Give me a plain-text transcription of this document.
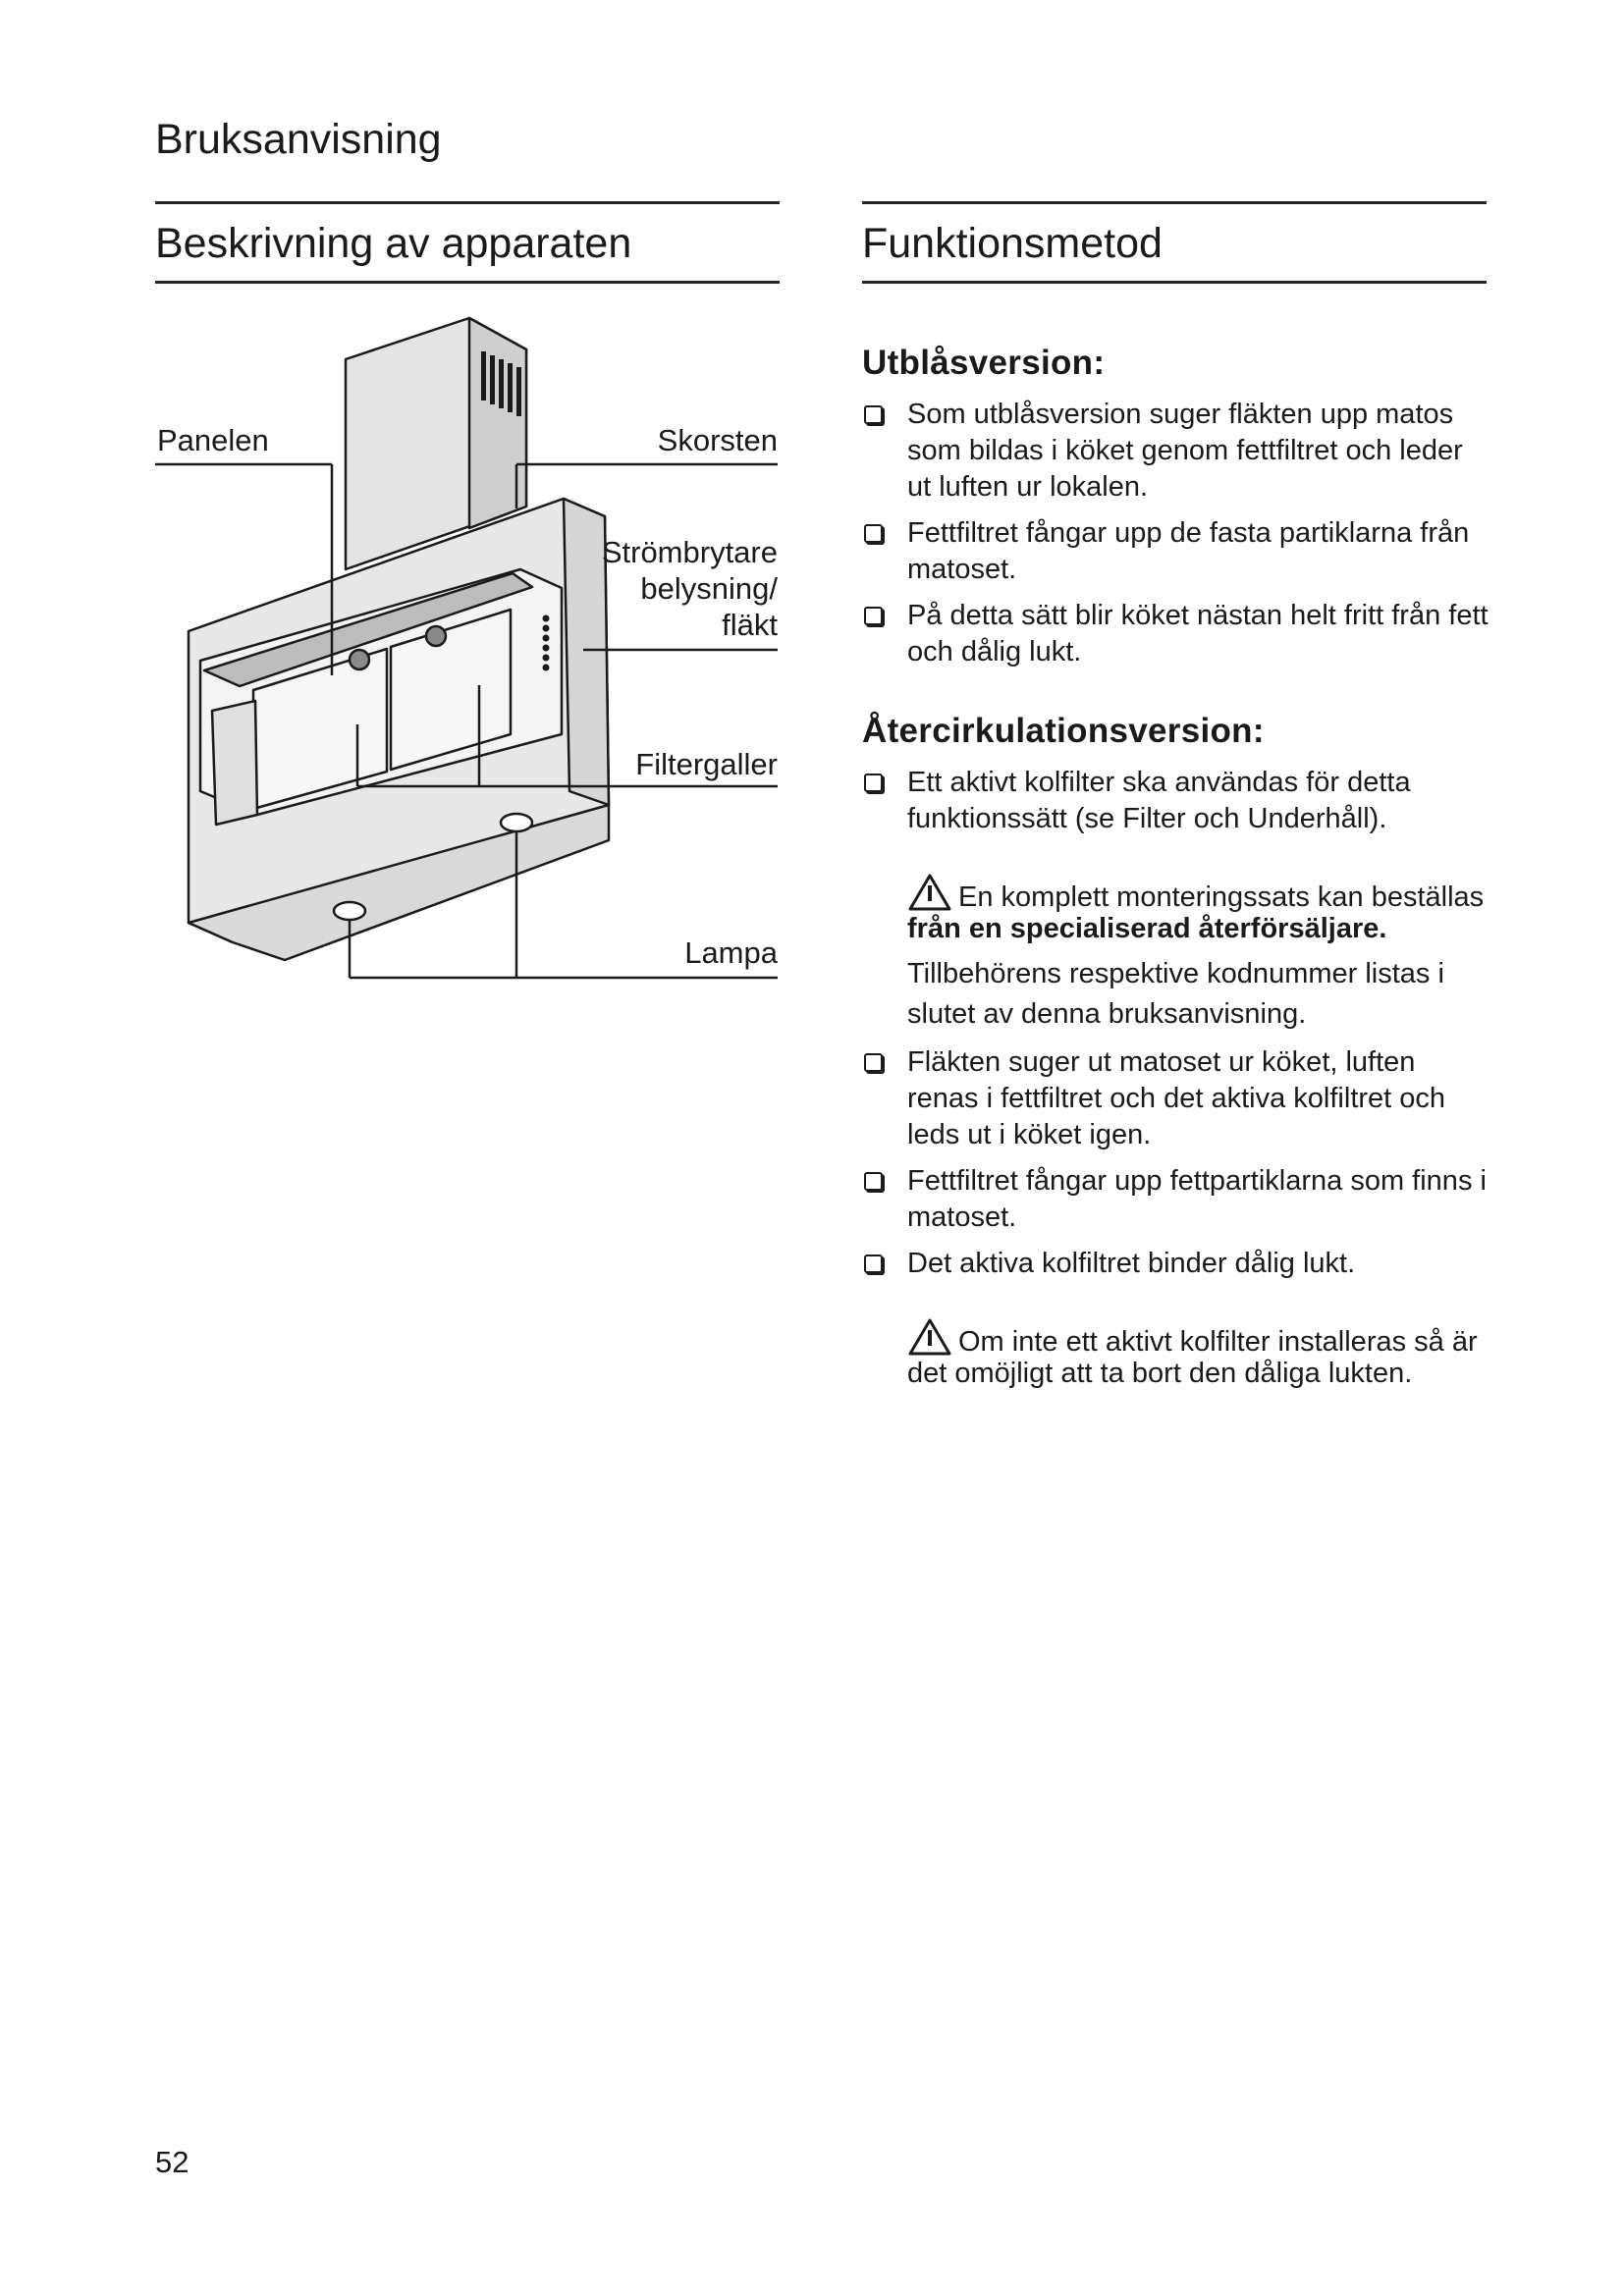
Bruksanvisning
Beskrivning av apparaten	Funktionsmetod
Panelen	Skorsten
Strömbrytare
belysning/
fläkt
Filtergaller
Lampa
Utblåsversion:
Som utblåsversion suger fläkten upp matos som bildas i köket genom fettfiltret och leder ut luften ur lokalen.
Fettfiltret fångar upp de fasta partiklarna från matoset.
På detta sätt blir köket nästan helt fritt från fett och dålig lukt.
Återcirkulationsversion:
Ett aktivt kolfilter ska användas för detta funktionssätt (se Filter och Underhåll).
En komplett monteringssats kan beställas från en specialiserad återförsäljare.
Tillbehörens respektive kodnummer listas i slutet av denna bruksanvisning.
Fläkten suger ut matoset ur köket, luften renas i fettfiltret och det aktiva kolfiltret och leds ut i köket igen.
Fettfiltret fångar upp fettpartiklarna som finns i matoset.
Det aktiva kolfiltret binder dålig lukt.
Om inte ett aktivt kolfilter installeras så är det omöjligt att ta bort den dåliga lukten.
52
